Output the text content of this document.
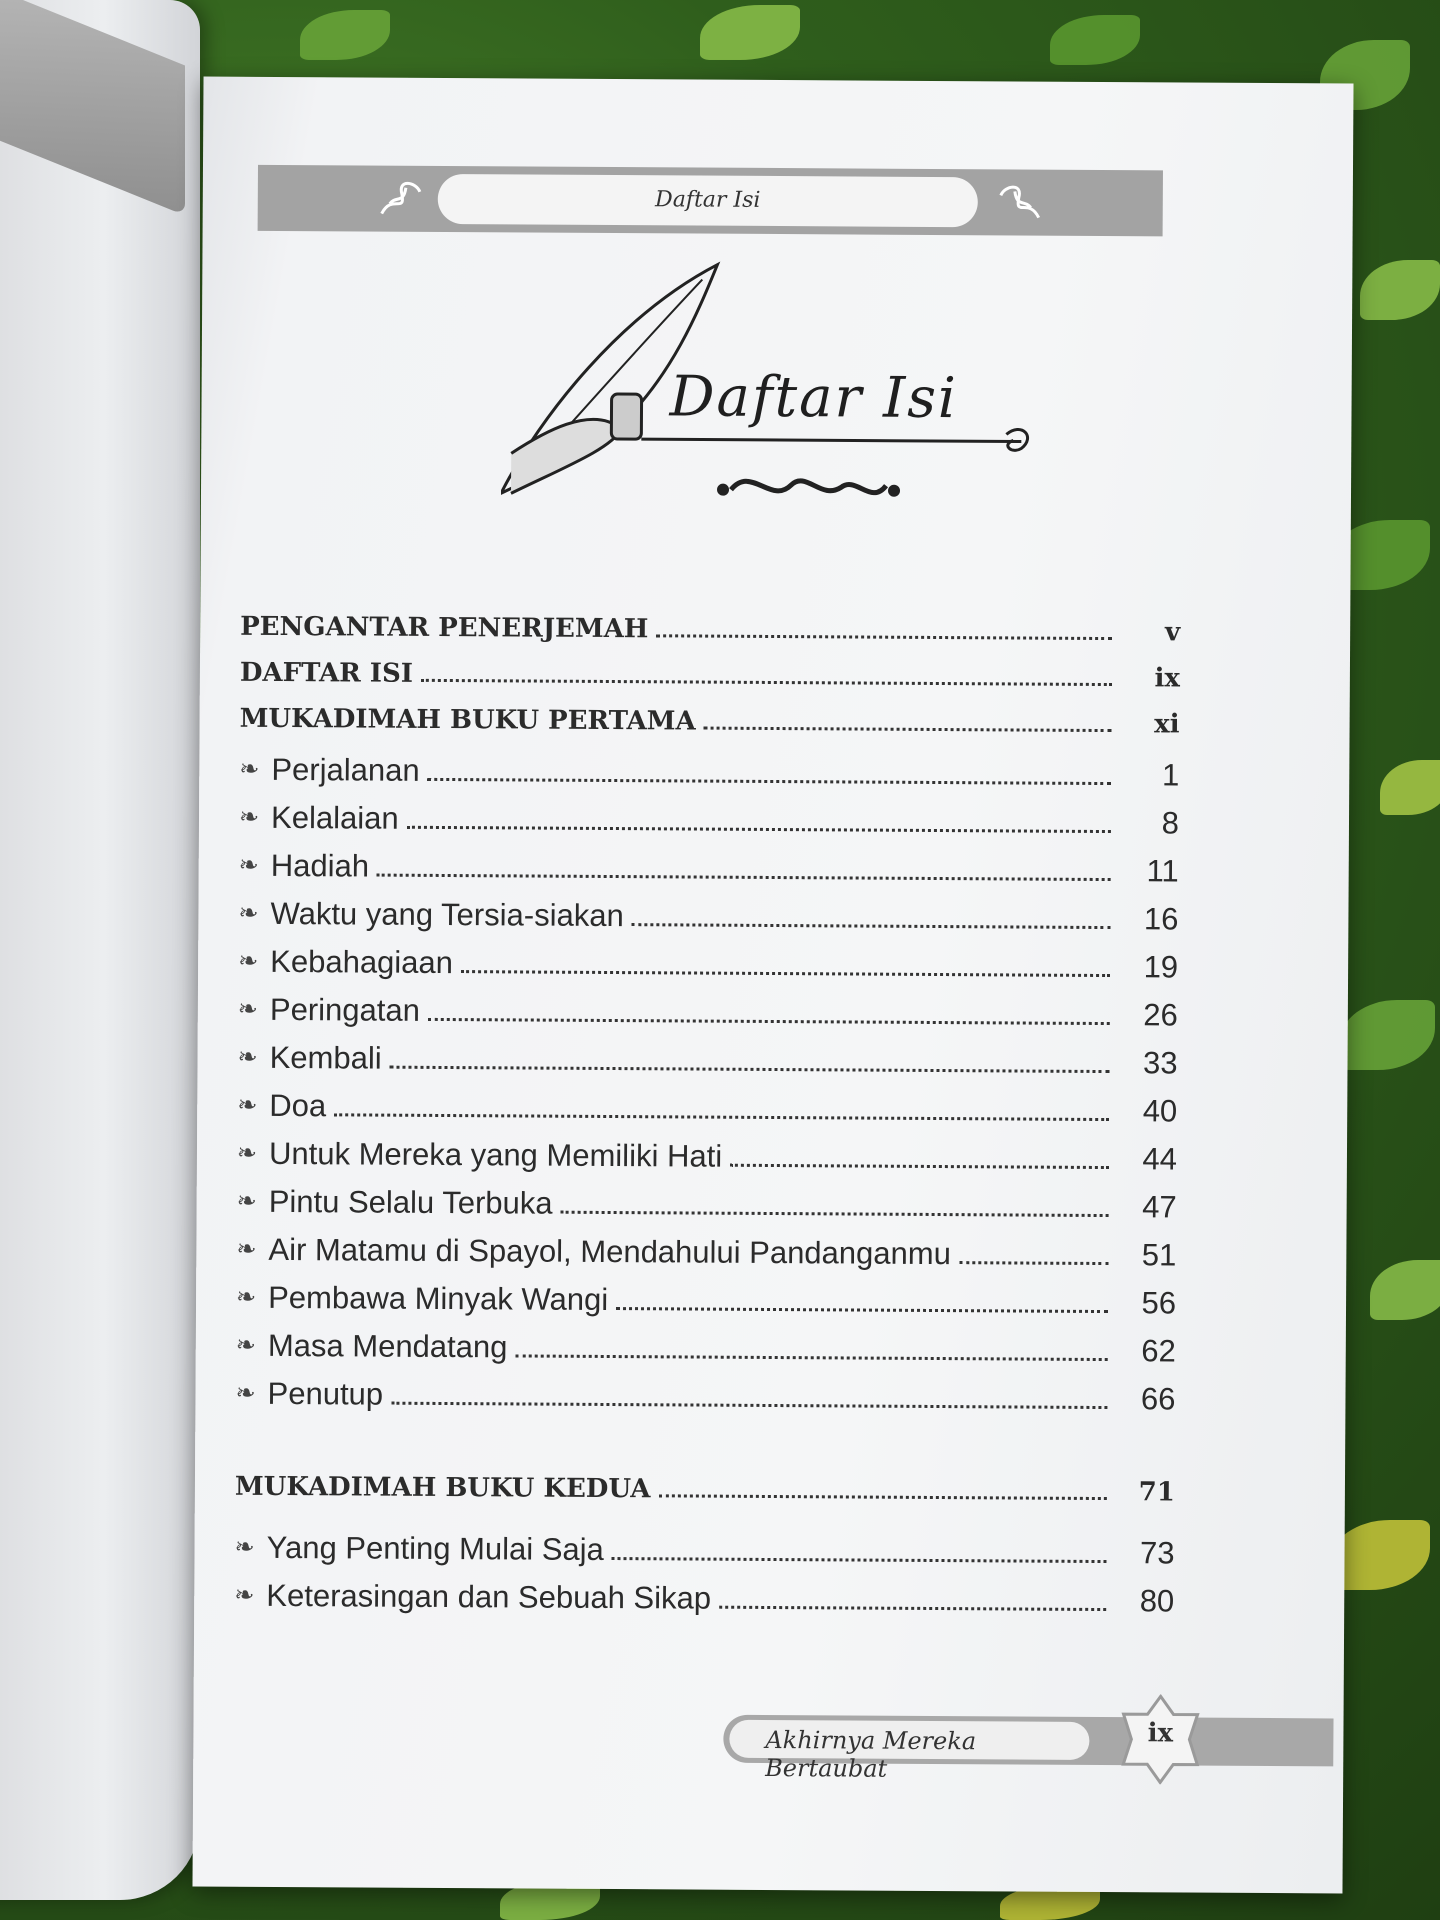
Daftar Isi
Daftar Isi
PENGANTAR PENERJEMAH	v
DAFTAR ISI	ix
MUKADIMAH BUKU PERTAMA	xi
❧ Perjalanan	1
❧ Kelalaian	8
❧ Hadiah	11
❧ Waktu yang Tersia-siakan	16
❧ Kebahagiaan	19
❧ Peringatan	26
❧ Kembali	33
❧ Doa	40
❧ Untuk Mereka yang Memiliki Hati	44
❧ Pintu Selalu Terbuka	47
❧ Air Matamu di Spayol, Mendahului Pandanganmu	51
❧ Pembawa Minyak Wangi	56
❧ Masa Mendatang	62
❧ Penutup	66
MUKADIMAH BUKU KEDUA	71
❧ Yang Penting Mulai Saja	73
❧ Keterasingan dan Sebuah Sikap	80
Akhirnya Mereka Bertaubat
ix
